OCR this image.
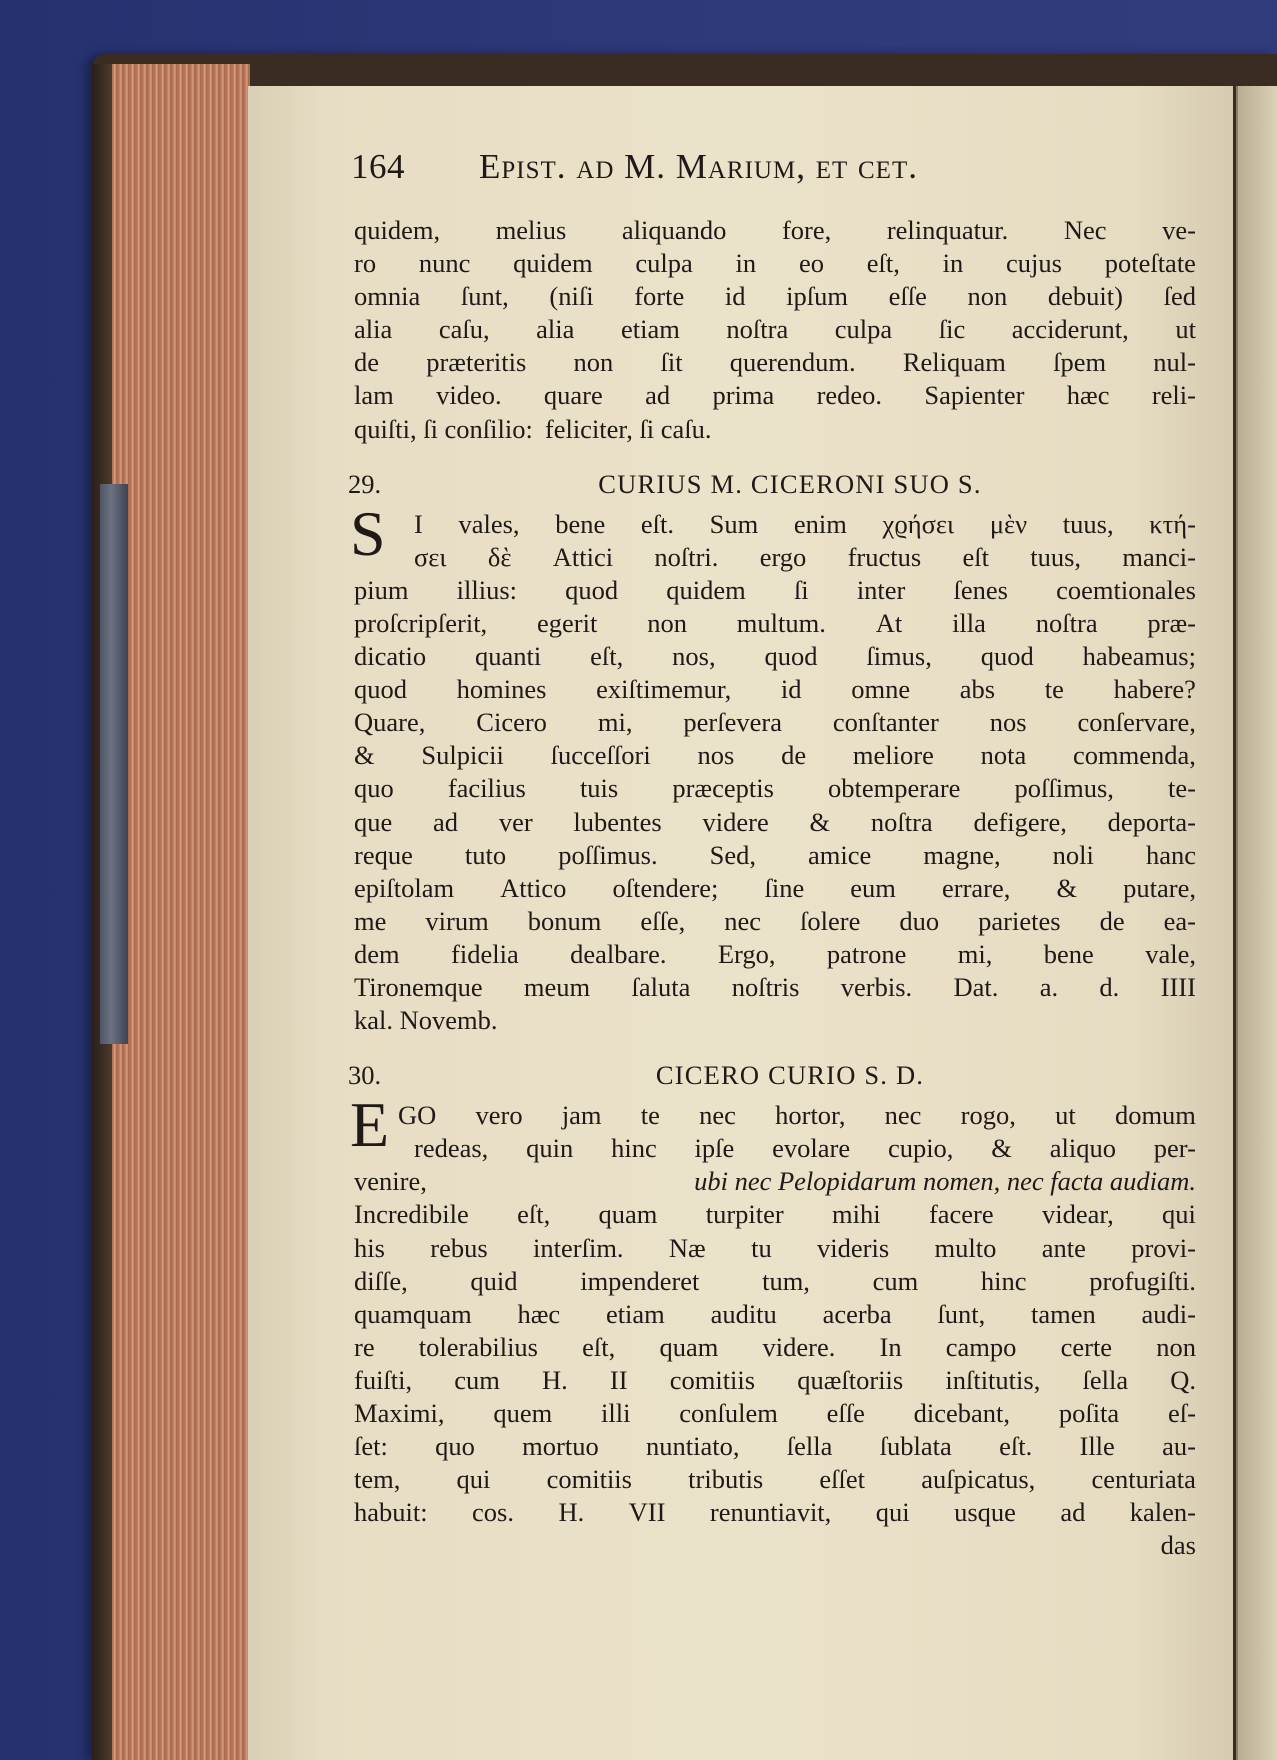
164	Epist. ad M. Marium, et cet.
quidem, melius aliquando fore, relinquatur. Nec ve-
ro nunc quidem culpa in eo eſt, in cujus poteſtate
omnia ſunt, (niſi forte id ipſum eſſe non debuit) ſed
alia caſu, alia etiam noſtra culpa ſic acciderunt, ut
de præteritis non ſit querendum. Reliquam ſpem nul-
lam video. quare ad prima redeo. Sapienter hæc reli-
quiſti, ſi conſilio: feliciter, ſi caſu.
29.	CURIUS M. CICERONI SUO S.
S I vales, bene eſt. Sum enim χϱήσει μὲν tuus, κτή-
σει δὲ Attici noſtri. ergo fructus eſt tuus, manci-
pium illius: quod quidem ſi inter ſenes coemtionales
proſcripſerit, egerit non multum. At illa noſtra præ-
dicatio quanti eſt, nos, quod ſimus, quod habeamus;
quod homines exiſtimemur, id omne abs te habere?
Quare, Cicero mi, perſevera conſtanter nos conſervare,
& Sulpicii ſucceſſori nos de meliore nota commenda,
quo facilius tuis præceptis obtemperare poſſimus, te-
que ad ver lubentes videre & noſtra defigere, deporta-
reque tuto poſſimus. Sed, amice magne, noli hanc
epiſtolam Attico oſtendere; ſine eum errare, & putare,
me virum bonum eſſe, nec ſolere duo parietes de ea-
dem fidelia dealbare. Ergo, patrone mi, bene vale,
Tironemque meum ſaluta noſtris verbis. Dat. a. d. IIII
kal. Novemb.
30.	CICERO CURIO S. D.
E GO vero jam te nec hortor, nec rogo, ut domum
redeas, quin hinc ipſe evolare cupio, & aliquo per-
venire,	ubi nec Pelopidarum nomen, nec facta audiam.
Incredibile eſt, quam turpiter mihi facere videar, qui
his rebus interſim. Næ tu videris multo ante provi-
diſſe, quid impenderet tum, cum hinc profugiſti.
quamquam hæc etiam auditu acerba ſunt, tamen audi-
re tolerabilius eſt, quam videre. In campo certe non
fuiſti, cum H. II comitiis quæſtoriis inſtitutis, ſella Q.
Maximi, quem illi conſulem eſſe dicebant, poſita eſ-
ſet: quo mortuo nuntiato, ſella ſublata eſt. Ille au-
tem, qui comitiis tributis eſſet auſpicatus, centuriata
habuit: cos. H. VII renuntiavit, qui usque ad kalen-
das
